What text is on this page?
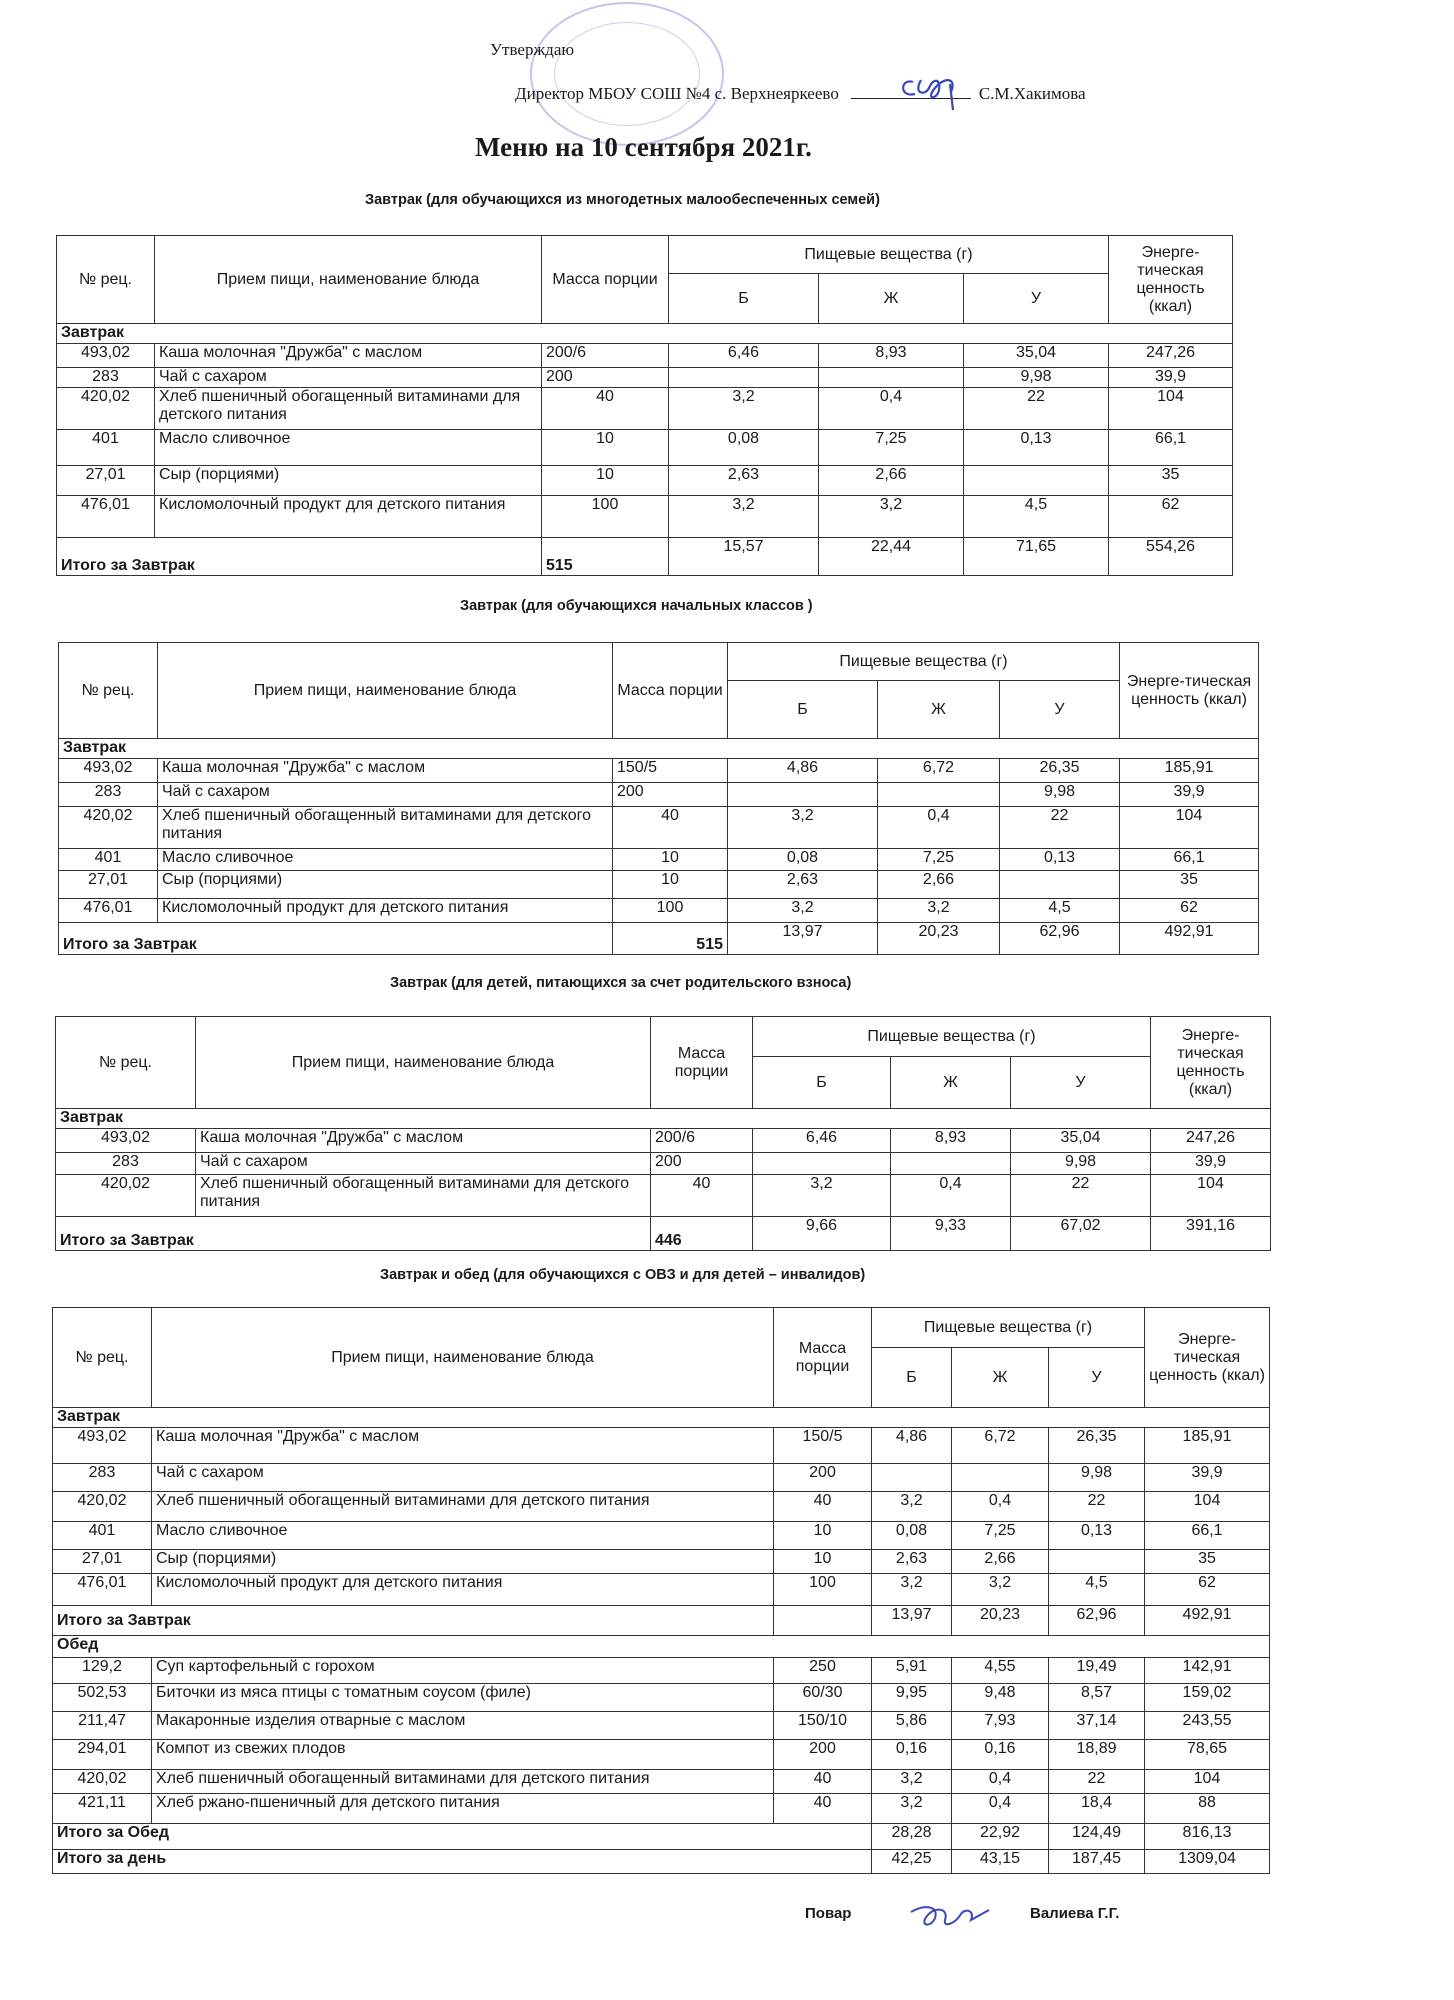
Утверждаю
Директор МБОУ СОШ №4 с. Верхнеяркеево	С.М.Хакимова
Меню на 10 сентября 2021г.
Завтрак (для обучающихся из многодетных малообеспеченных семей)
№ рец.	Прием пищи, наименование блюда	Масса порции	Пищевые вещества (г)			Энерге-тическая ценность (ккал)
			Б	Ж	У	
Завтрак						
493,02	Каша молочная "Дружба" с маслом	200/6	6,46	8,93	35,04	247,26
283	Чай с сахаром	200			9,98	39,9
420,02	Хлеб пшеничный обогащенный витаминами для детского питания	40	3,2	0,4	22	104
401	Масло сливочное	10	0,08	7,25	0,13	66,1
27,01	Сыр (порциями)	10	2,63	2,66		35
476,01	Кисломолочный продукт для детского питания	100	3,2	3,2	4,5	62
Итого за Завтрак		515	15,57	22,44	71,65	554,26
Завтрак (для обучающихся начальных классов )
№ рец.	Прием пищи, наименование блюда	Масса порции	Пищевые вещества (г)			Энерге-тическая ценность (ккал)
			Б	Ж	У	
Завтрак						
493,02	Каша молочная "Дружба" с маслом	150/5	4,86	6,72	26,35	185,91
283	Чай с сахаром	200			9,98	39,9
420,02	Хлеб пшеничный обогащенный витаминами для детского питания	40	3,2	0,4	22	104
401	Масло сливочное	10	0,08	7,25	0,13	66,1
27,01	Сыр (порциями)	10	2,63	2,66		35
476,01	Кисломолочный продукт для детского питания	100	3,2	3,2	4,5	62
Итого за Завтрак		515	13,97	20,23	62,96	492,91
Завтрак (для детей, питающихся за счет родительского взноса)
№ рец.	Прием пищи, наименование блюда	Масса порции	Пищевые вещества (г)			Энерге-тическая ценность (ккал)
			Б	Ж	У	
Завтрак						
493,02	Каша молочная "Дружба" с маслом	200/6	6,46	8,93	35,04	247,26
283	Чай с сахаром	200			9,98	39,9
420,02	Хлеб пшеничный обогащенный витаминами для детского питания	40	3,2	0,4	22	104
Итого за Завтрак		446	9,66	9,33	67,02	391,16
Завтрак и обед (для обучающихся с ОВЗ и для детей – инвалидов)
№ рец.	Прием пищи, наименование блюда	Масса порции	Пищевые вещества (г)			Энерге-тическая ценность (ккал)
			Б	Ж	У	
Завтрак						
493,02	Каша молочная "Дружба" с маслом	150/5	4,86	6,72	26,35	185,91
283	Чай с сахаром	200			9,98	39,9
420,02	Хлеб пшеничный обогащенный витаминами для детского питания	40	3,2	0,4	22	104
401	Масло сливочное	10	0,08	7,25	0,13	66,1
27,01	Сыр (порциями)	10	2,63	2,66		35
476,01	Кисломолочный продукт для детского питания	100	3,2	3,2	4,5	62
Итого за Завтрак			13,97	20,23	62,96	492,91
Обед						
129,2	Суп картофельный с горохом	250	5,91	4,55	19,49	142,91
502,53	Биточки из мяса птицы с томатным соусом (филе)	60/30	9,95	9,48	8,57	159,02
211,47	Макаронные изделия отварные с маслом	150/10	5,86	7,93	37,14	243,55
294,01	Компот из свежих плодов	200	0,16	0,16	18,89	78,65
420,02	Хлеб пшеничный обогащенный витаминами для детского питания	40	3,2	0,4	22	104
421,11	Хлеб ржано-пшеничный для детского питания	40	3,2	0,4	18,4	88
Итого за Обед			28,28	22,92	124,49	816,13
Итого за день			42,25	43,15	187,45	1309,04
Повар	Валиева Г.Г.
